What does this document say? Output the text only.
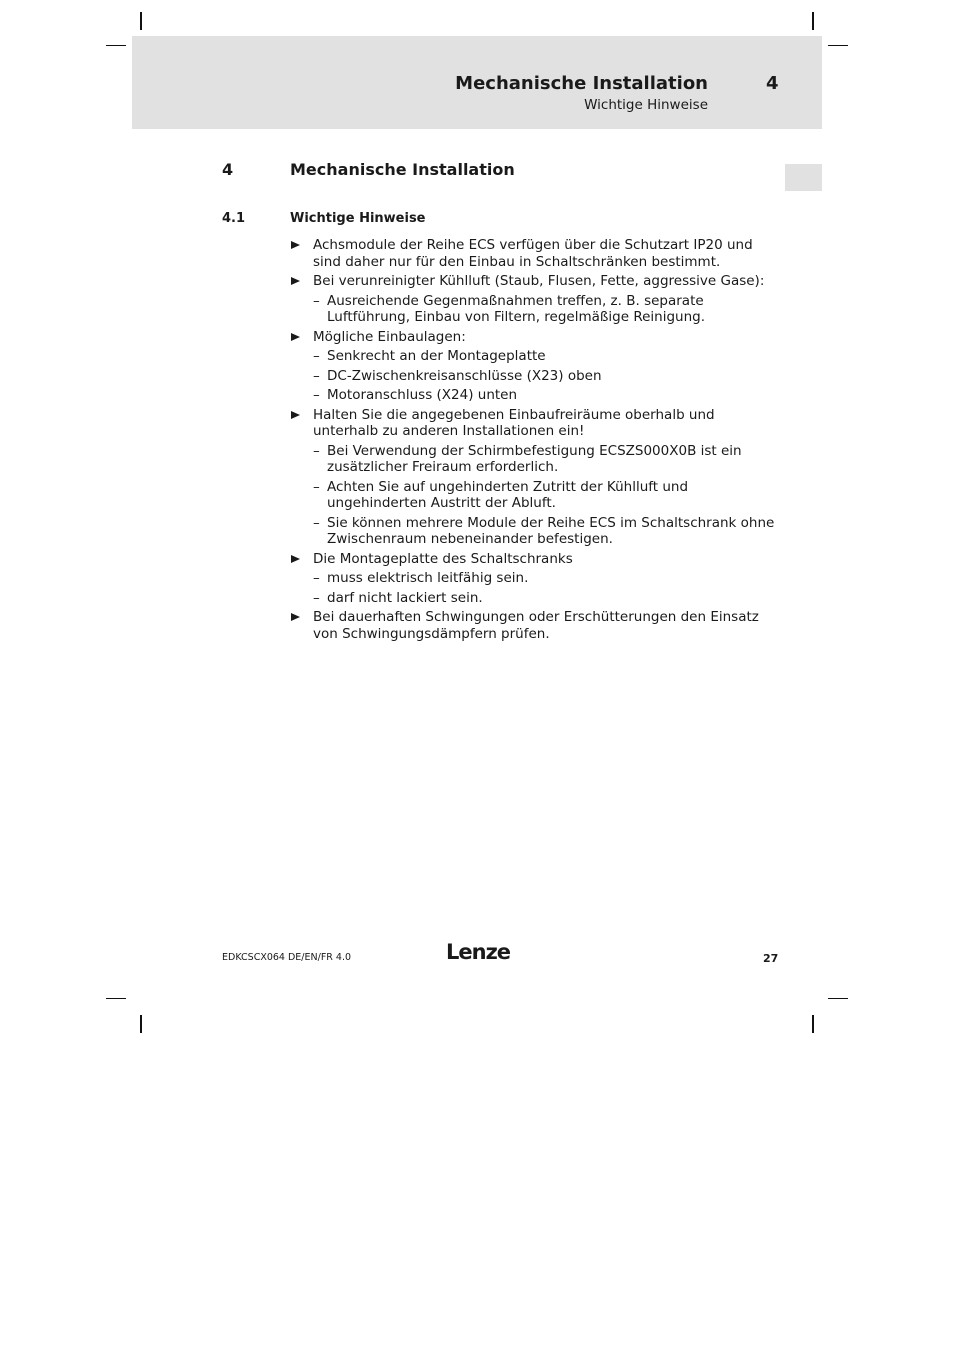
Mechanische Installation	4
Wichtige Hinweise
4	Mechanische Installation
4.1	Wichtige Hinweise
Achsmodule der Reihe ECS verfügen über die Schutzart IP20 und sind daher nur für den Einbau in Schaltschränken bestimmt.
Bei verunreinigter Kühlluft (Staub, Flusen, Fette, aggressive Gase):
– Ausreichende Gegenmaßnahmen treffen, z. B. separate Luftführung, Einbau von Filtern, regelmäßige Reinigung.
Mögliche Einbaulagen:
– Senkrecht an der Montageplatte
– DC-Zwischenkreisanschlüsse (X23) oben
– Motoranschluss (X24) unten
Halten Sie die angegebenen Einbaufreiräume oberhalb und unterhalb zu anderen Installationen ein!
– Bei Verwendung der Schirmbefestigung ECSZS000X0B ist ein zusätzlicher Freiraum erforderlich.
– Achten Sie auf ungehinderten Zutritt der Kühlluft und ungehinderten Austritt der Abluft.
– Sie können mehrere Module der Reihe ECS im Schaltschrank ohne Zwischenraum nebeneinander befestigen.
Die Montageplatte des Schaltschranks
– muss elektrisch leitfähig sein.
– darf nicht lackiert sein.
Bei dauerhaften Schwingungen oder Erschütterungen den Einsatz von Schwingungsdämpfern prüfen.
EDKCSCX064 DE/EN/FR 4.0	Lenze	27
